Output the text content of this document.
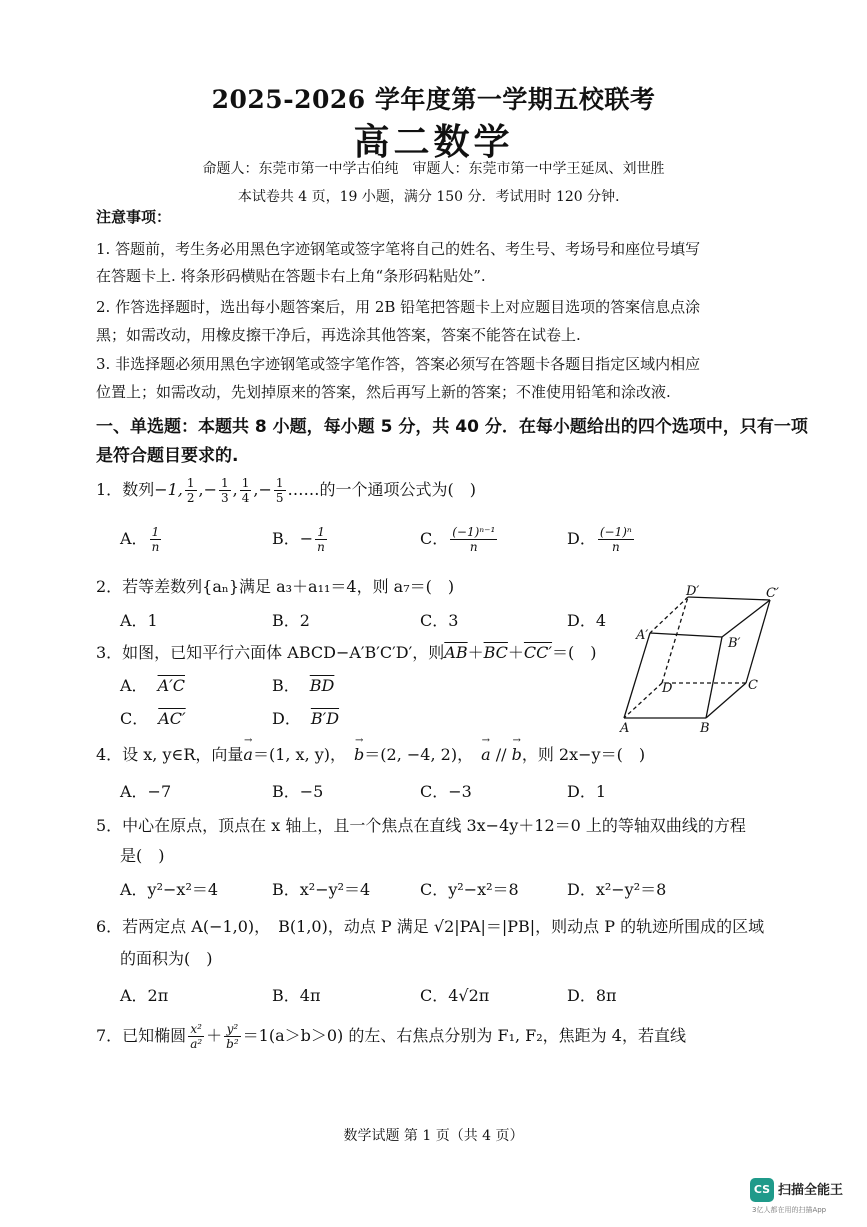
2025-2026 学年度第一学期五校联考
高二数学
命题人：东莞市第一中学古伯纯　审题人：东莞市第一中学王延凤、刘世胜
本试卷共 4 页，19 小题，满分 150 分．考试用时 120 分钟．
注意事项：
1. 答题前，考生务必用黑色字迹钢笔或签字笔将自己的姓名、考生号、考场号和座位号填写
在答题卡上. 将条形码横贴在答题卡右上角“条形码粘贴处”.
2. 作答选择题时，选出每小题答案后，用 2B 铅笔把答题卡上对应题目选项的答案信息点涂
黑；如需改动，用橡皮擦干净后，再选涂其他答案，答案不能答在试卷上.
3. 非选择题必须用黑色字迹钢笔或签字笔作答，答案必须写在答题卡各题目指定区域内相应
位置上；如需改动，先划掉原来的答案，然后再写上新的答案；不准使用铅笔和涂改液.
一、单选题：本题共 8 小题，每小题 5 分，共 40 分．在每小题给出的四个选项中，只有一项
是符合题目要求的.
1．数列−1, $\frac{1}{2}$ ,− $\frac{1}{3}$ , $\frac{1}{4}$ ,− $\frac{1}{5}$ ……的一个通项公式为(　)
A． $\frac{1}{n}$	B．− $\frac{1}{n}$	C． $\frac{\text{(−1)ⁿ⁻¹}}{n}$	D． $\frac{\text{(−1)ⁿ}}{n}$
2．若等差数列{aₙ}满足 a₃＋a₁₁＝4，则 a₇＝(　)
A．1	B．2	C．3	D．4
3．如图，已知平行六面体 ABCD−A′B′C′D′，则$\overline{AB}+\overline{BC}+CC'=$(　)
A． A′C	B． $\overline{BD}$
C． AC′	D． B′D
D′	C′
A′
B′
D	C
A	B
4．设 x, y∈R，向量→ a＝(1, x, y)，　 → b＝(2, −4, 2)，　 → a // → b，则 2x−y＝(　)
A．−7	B．−5	C．−3	D．1
5．中心在原点，顶点在 x 轴上，且一个焦点在直线 3x−4y＋12＝0 上的等轴双曲线的方程
是(　)
A．y²−x²＝4	B．x²−y²＝4	C．y²−x²＝8	D．x²−y²＝8
6．若两定点 A(−1,0)，　B(1,0)，动点 P 满足 √2|PA|＝|PB|，则动点 P 的轨迹所围成的区域
的面积为(　)
A．2π	B．4π	C．4√2π	D．8π
7．已知椭圆 $\frac{\text{x²}}{\text{a²}} + \frac{\text{y²}}{\text{b²}} =1(a>b>0)$ 的左、右焦点分别为 F₁, F₂，焦距为 4，若直线
数学试题 第 1 页（共 4 页）
CS 扫描全能王
3亿人都在用的扫描App
